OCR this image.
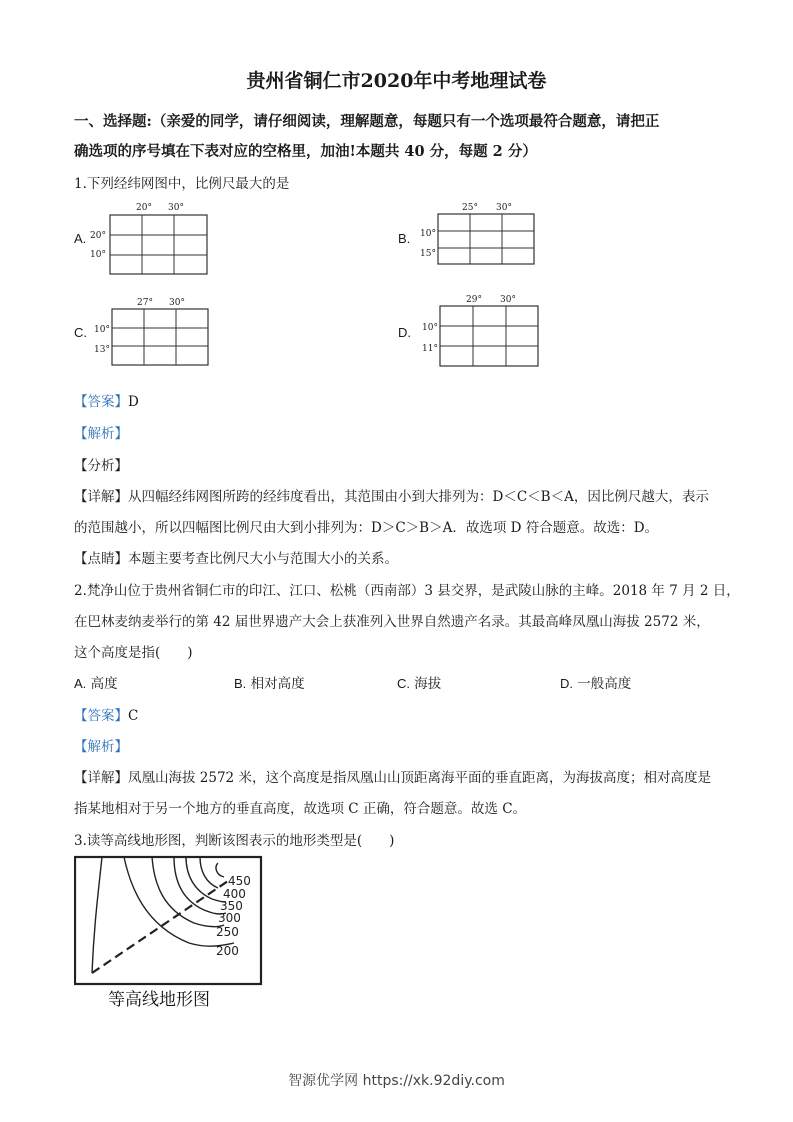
贵州省铜仁市2020年中考地理试卷
一、选择题:（亲爱的同学，请仔细阅读，理解题意，每题只有一个选项最符合题意，请把正
确选项的序号填在下表对应的空格里，加油!本题共 40 分，每题 2 分）
1.下列经纬网图中，比例尺最大的是
A.
20° 30°
20°
10°
B.
25° 30°
10°
15°
C.
27° 30°
10°
13°
D.
29° 30°
10°
11°
【答案】D
【解析】
【分析】
【详解】从四幅经纬网图所跨的经纬度看出，其范围由小到大排列为：D＜C＜B＜A，因比例尺越大，表示
的范围越小，所以四幅图比例尺由大到小排列为：D＞C＞B＞A．故选项 D 符合题意。故选：D。
【点睛】本题主要考查比例尺大小与范围大小的关系。
2.梵净山位于贵州省铜仁市的印江、江口、松桃（西南部）3 县交界，是武陵山脉的主峰。2018 年 7 月 2 日，
在巴林麦纳麦举行的第 42 届世界遗产大会上获准列入世界自然遗产名录。其最高峰凤凰山海拔 2572 米，
这个高度是指(　　)
A. 高度	B. 相对高度	C. 海拔	D. 一般高度
【答案】C
【解析】
【详解】凤凰山海拔 2572 米，这个高度是指凤凰山山顶距离海平面的垂直距离，为海拔高度；相对高度是
指某地相对于另一个地方的垂直高度，故选项 C 正确，符合题意。故选 C。
3.读等高线地形图，判断该图表示的地形类型是(　　)
450
400
350
300
250
200
等高线地形图
智源优学网 https://xk.92diy.com
